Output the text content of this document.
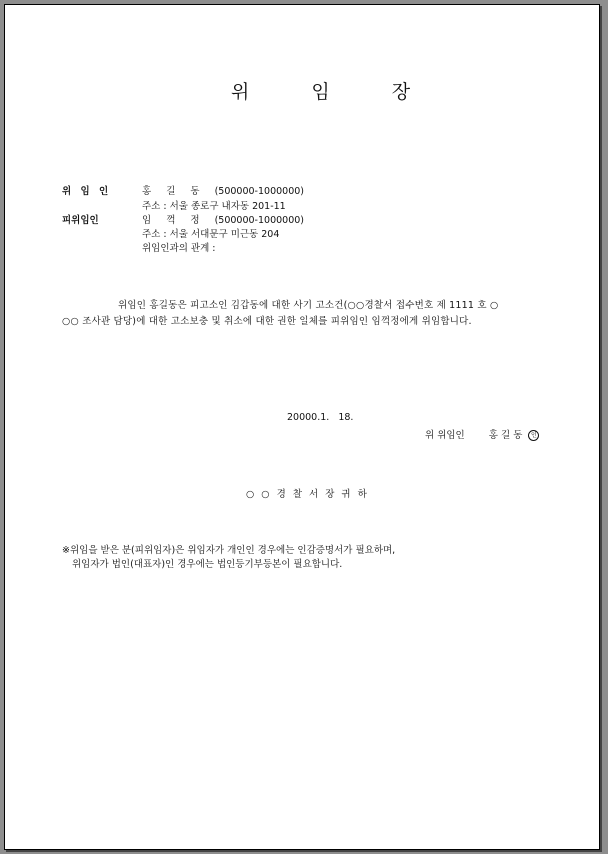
위 임 장
위 임 인	홍 길 동 (500000-1000000)
주소 : 서울 종로구 내자동 201-11
피위임인	임 꺽 정 (500000-1000000)
주소 : 서울 서대문구 미근동 204
위임인과의 관계 :
위임인 홍길동은 피고소인 김갑동에 대한 사기 고소건(○○경찰서 접수번호 제 1111 호 ○
○○ 조사관 담당)에 대한 고소보충 및 취소에 대한 권한 일체를 피위임인 임꺽정에게 위임합니다.
20000.1. 18.
위 위임인	홍 길 동 인
○ ○ 경 찰 서 장 귀 하
※위임을 받은 분(피위임자)은 위임자가 개인인 경우에는 인감증명서가 필요하며,
위임자가 법인(대표자)인 경우에는 법인등기부등본이 필요합니다.
